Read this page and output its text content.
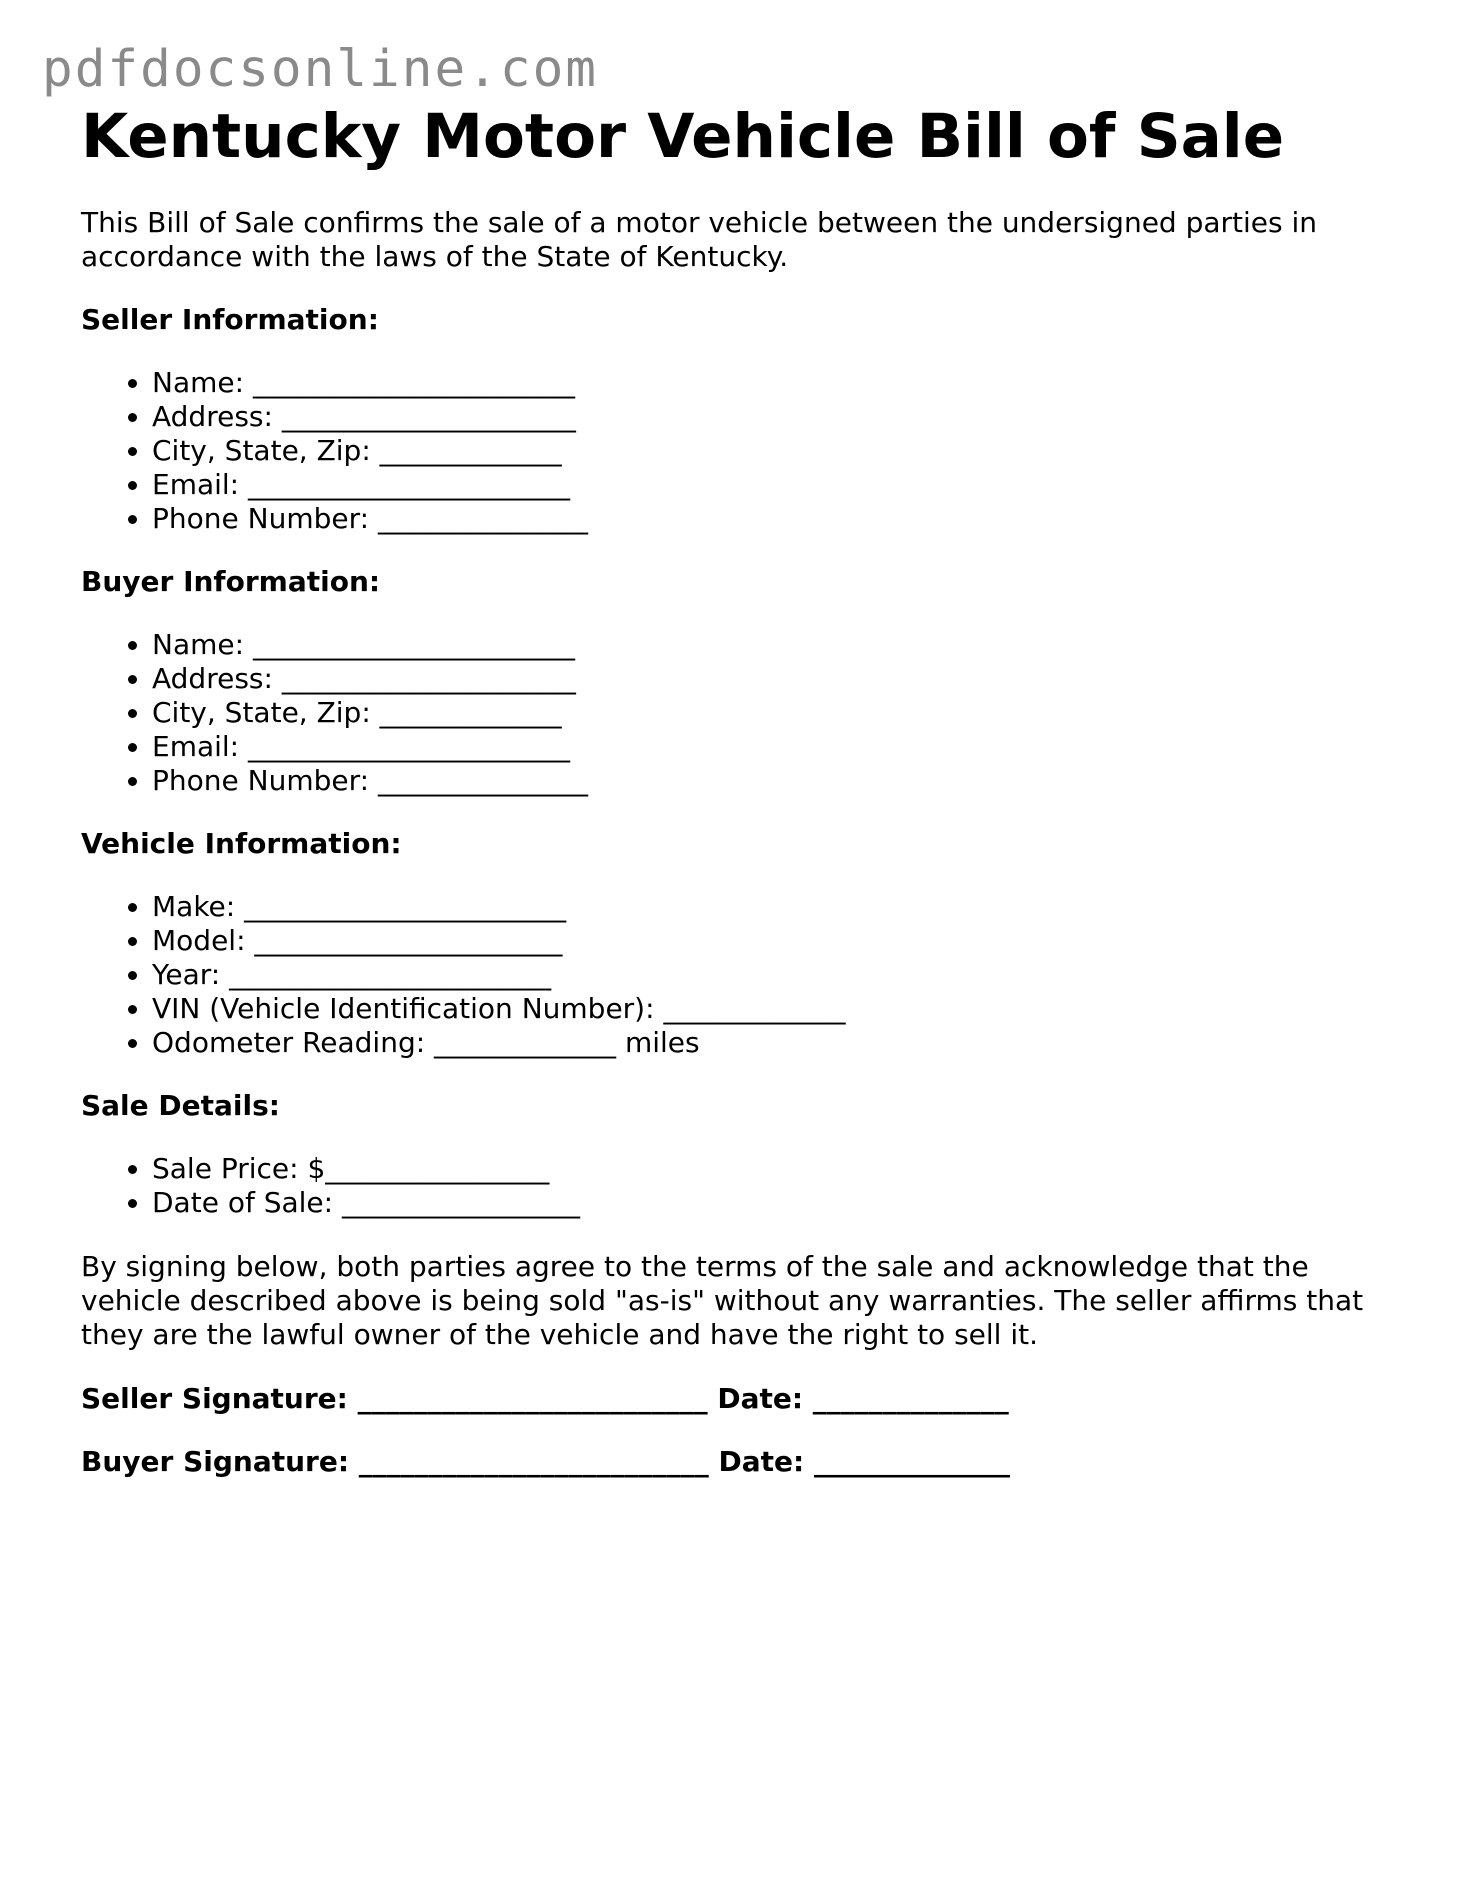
pdfdocsonline.com
Kentucky Motor Vehicle Bill of Sale

This Bill of Sale confirms the sale of a motor vehicle between the undersigned parties in accordance with the laws of the State of Kentucky.

Seller Information:
• Name: _______________________
• Address: _____________________
• City, State, Zip: _____________
• Email: _______________________
• Phone Number: _______________
Buyer Information:
• Name: _______________________
• Address: _____________________
• City, State, Zip: _____________
• Email: _______________________
• Phone Number: _______________
Vehicle Information:
• Make: _______________________
• Model: ______________________
• Year: _______________________
• VIN (Vehicle Identification Number): _____________
• Odometer Reading: _____________ miles
Sale Details:
• Sale Price: $________________
• Date of Sale: _________________

By signing below, both parties agree to the terms of the sale and acknowledge that the vehicle described above is being sold "as-is" without any warranties. The seller affirms that they are the lawful owner of the vehicle and have the right to sell it.

Seller Signature: _________________________ Date: ______________
Buyer Signature: _________________________ Date: ______________
